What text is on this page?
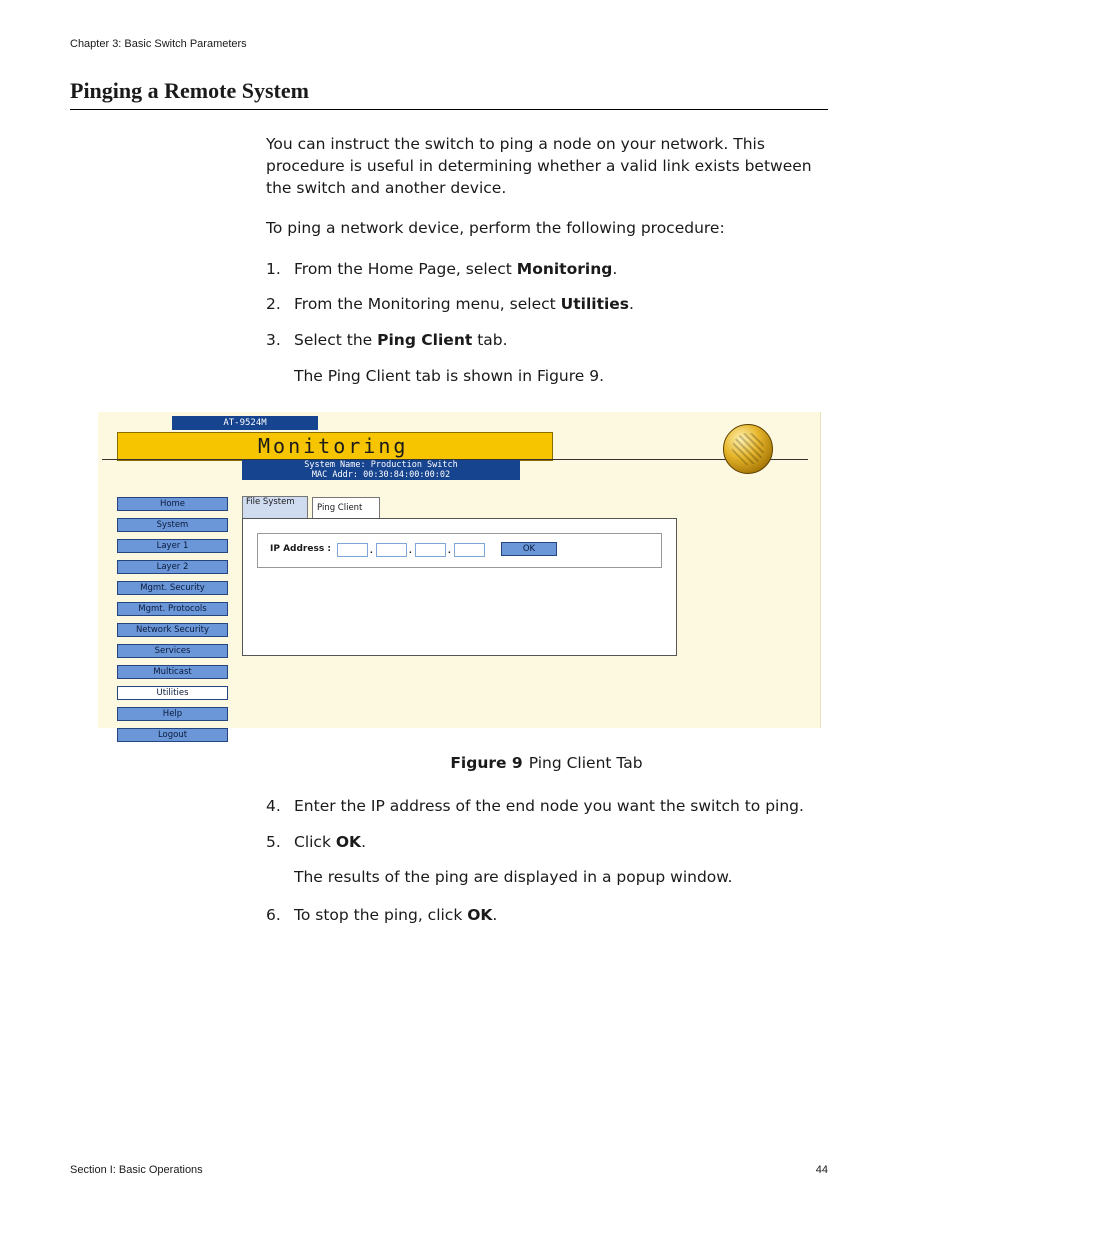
Chapter 3: Basic Switch Parameters
Pinging a Remote System

You can instruct the switch to ping a node on your network. This procedure is useful in determining whether a valid link exists between the switch and another device.

To ping a network device, perform the following procedure:

1. From the Home Page, select Monitoring.
2. From the Monitoring menu, select Utilities.
3. Select the Ping Client tab.
The Ping Client tab is shown in Figure 9.
AT-9524M
Monitoring
System Name: Production Switch
MAC Addr: 00:30:84:00:00:02
Home
System
Layer 1
Layer 2
Mgmt. Security
Mgmt. Protocols
Network Security
Services
Multicast
Utilities
Help
Logout
File System
Ping Client
IP Address :	.	.	.	OK
Figure 9 Ping Client Tab
4. Enter the IP address of the end node you want the switch to ping.
5. Click OK.
The results of the ping are displayed in a popup window.
6. To stop the ping, click OK.
Section I: Basic Operations	44
